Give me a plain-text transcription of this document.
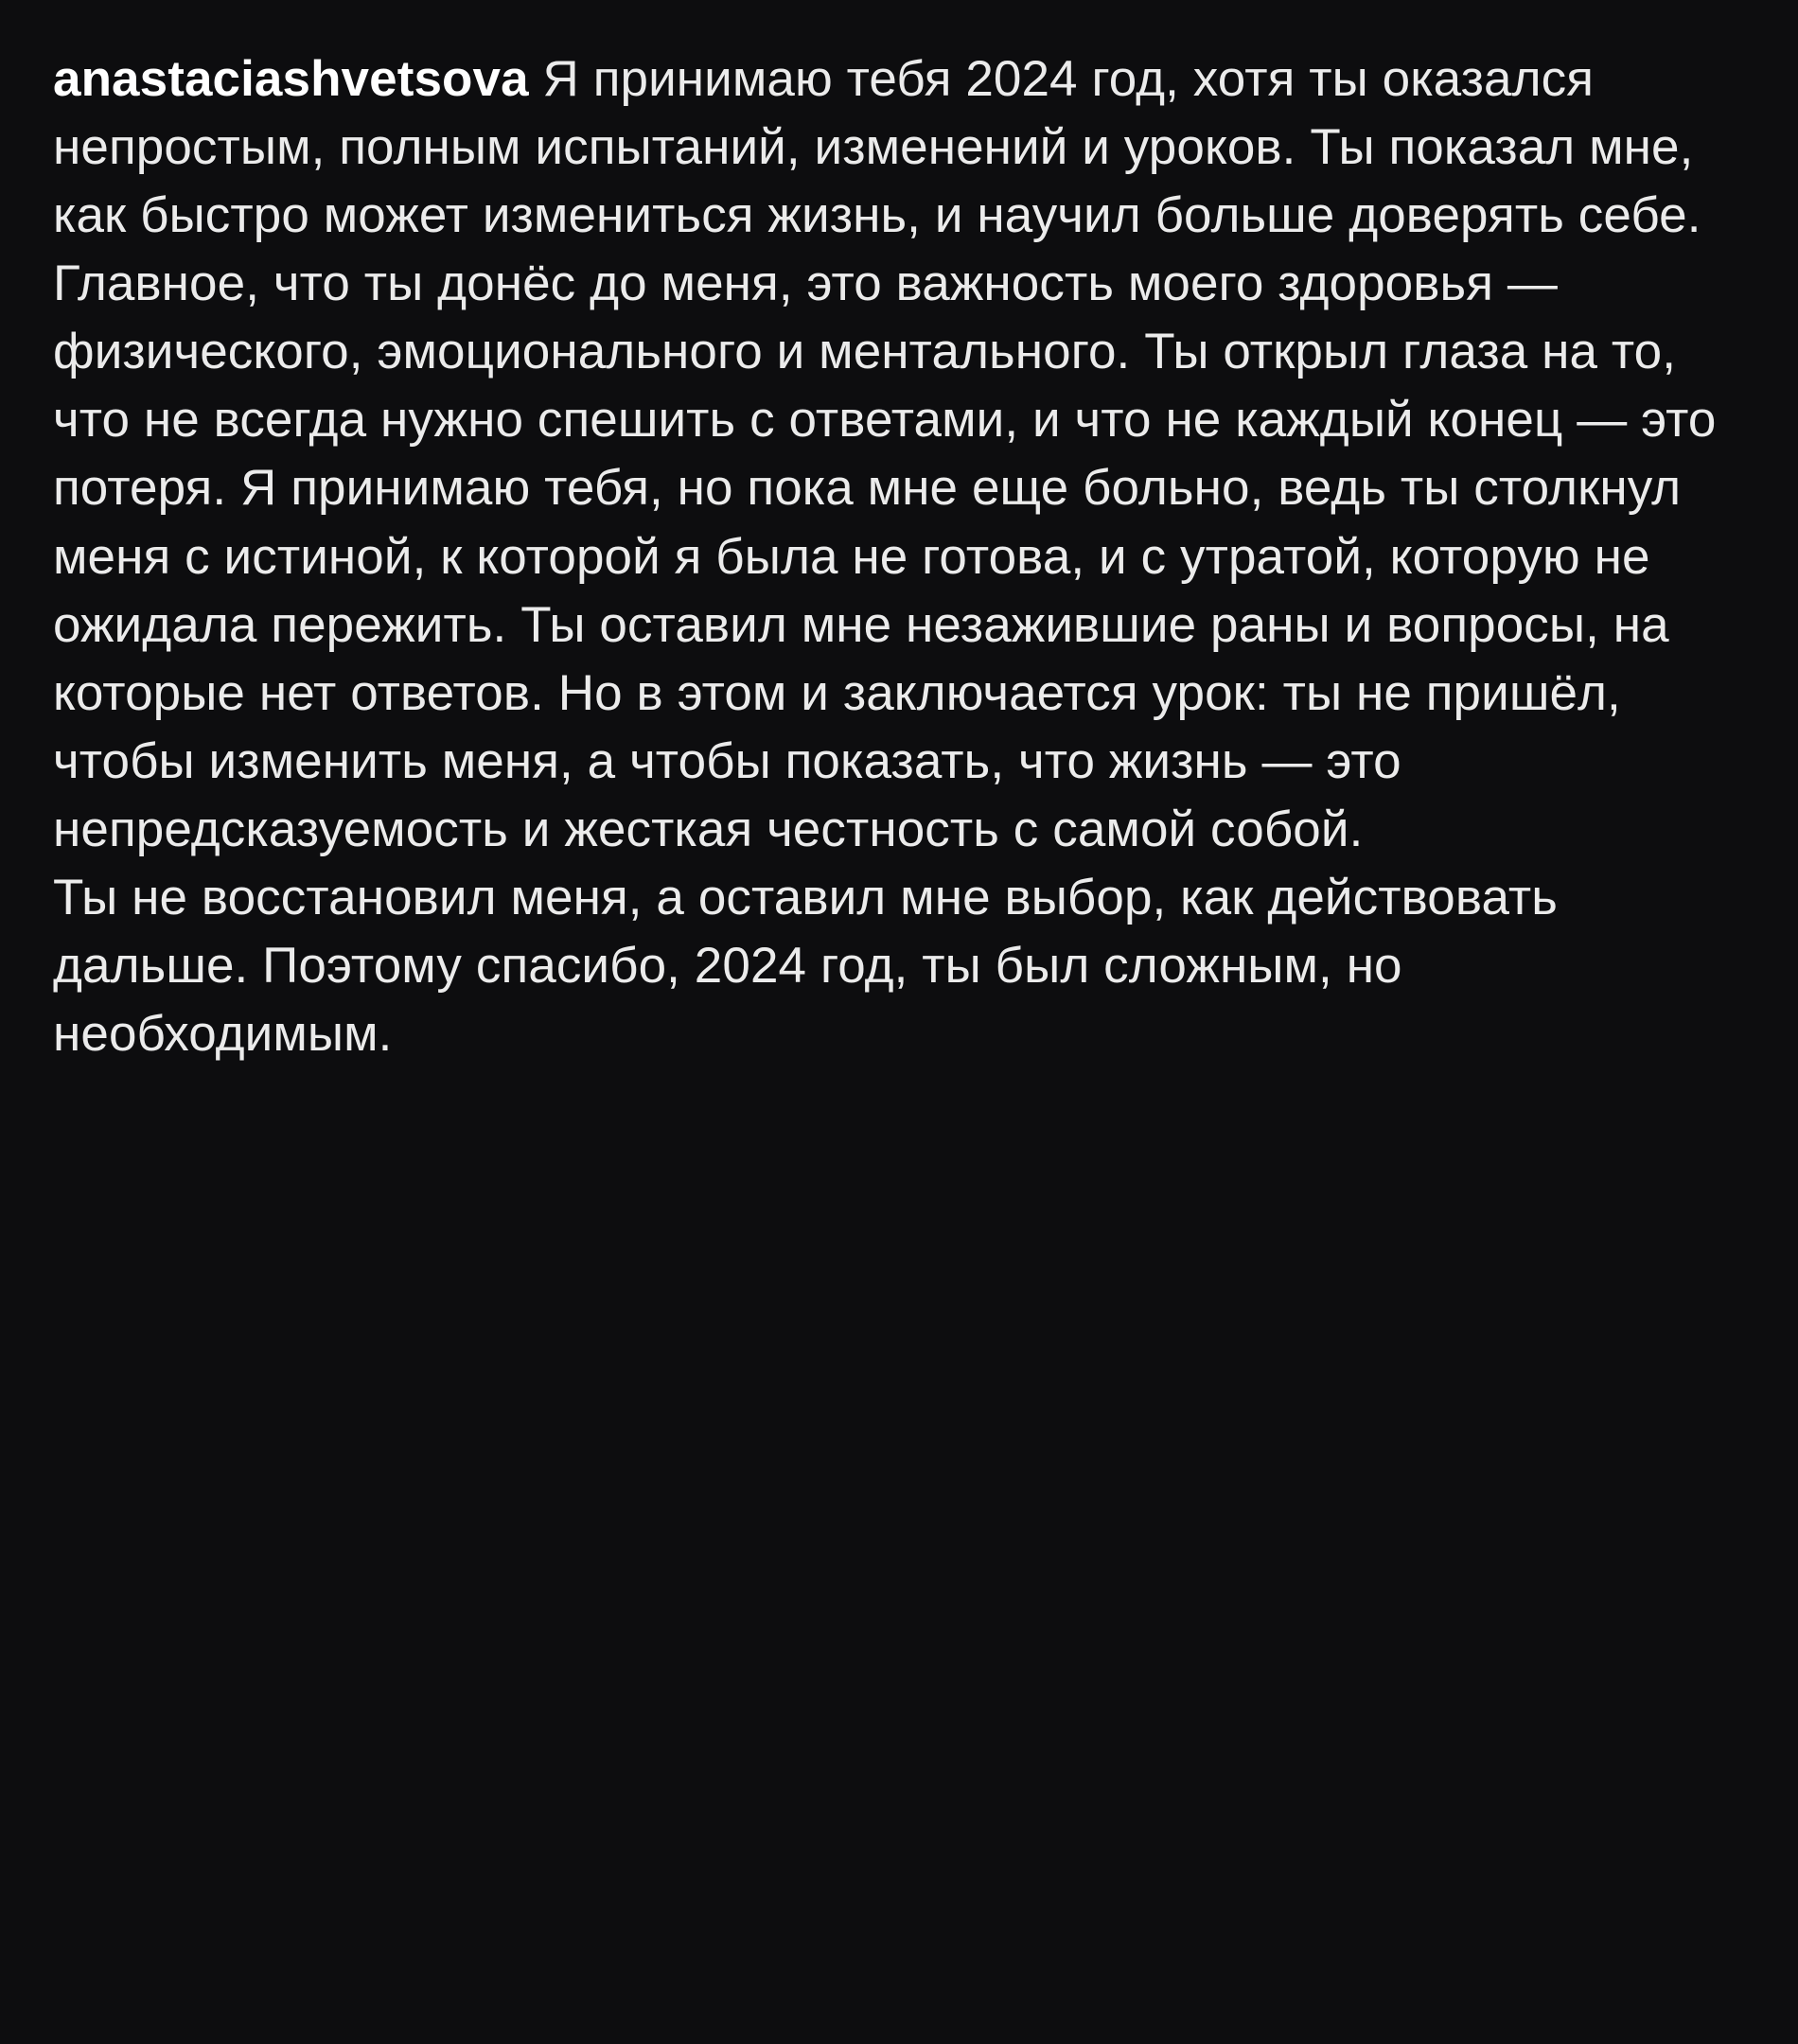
anastaciashvetsova Я принимаю тебя 2024 год, хотя ты оказался непростым, полным испытаний, изменений и уроков. Ты показал мне, как быстро может измениться жизнь, и научил больше доверять себе.

Главное, что ты донёс до меня, это важность моего здоровья — физического, эмоционального и ментального. Ты открыл глаза на то, что не всегда нужно спешить с ответами, и что не каждый конец — это потеря. Я принимаю тебя, но пока мне еще больно, ведь ты столкнул меня с истиной, к которой я была не готова, и с утратой, которую не ожидала пережить. Ты оставил мне незажившие раны и вопросы, на которые нет ответов. Но в этом и заключается урок: ты не пришёл, чтобы изменить меня, а чтобы показать, что жизнь — это непредсказуемость и жесткая честность с самой собой.

Ты не восстановил меня, а оставил мне выбор, как действовать дальше. Поэтому спасибо, 2024 год, ты был сложным, но необходимым.
